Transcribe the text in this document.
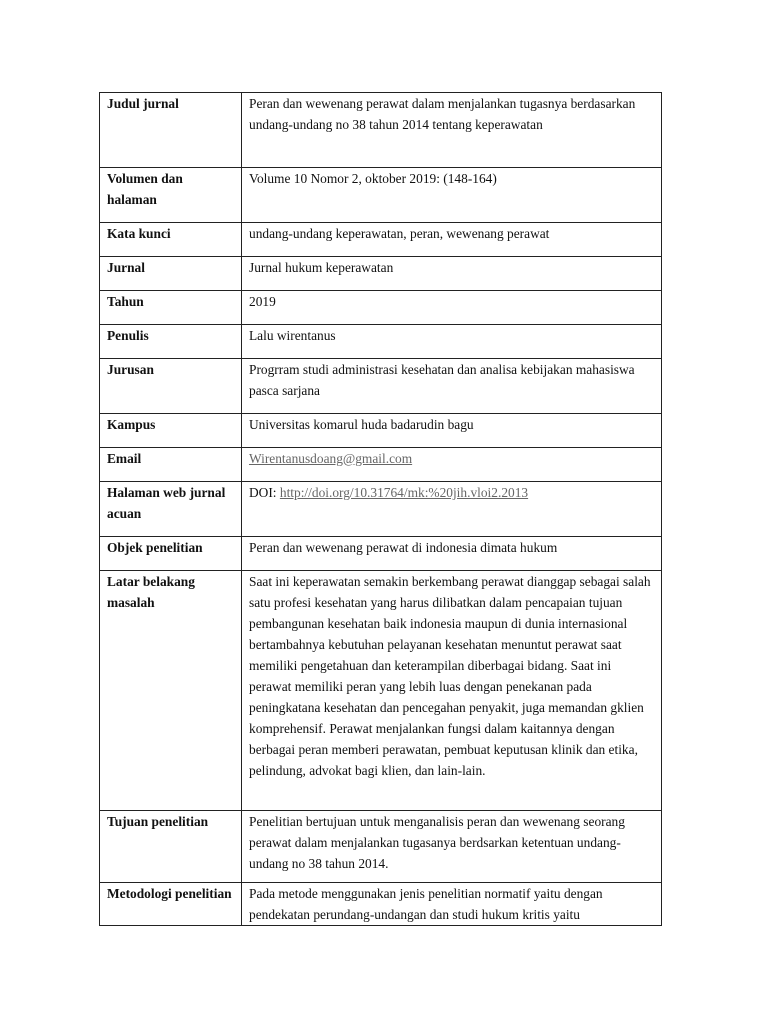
Judul jurnal	Peran dan wewenang perawat dalam menjalankan tugasnya berdasarkan undang-undang no 38 tahun 2014 tentang keperawatan
Volumen dan halaman	Volume 10 Nomor 2, oktober 2019: (148-164)
Kata kunci	undang-undang keperawatan, peran, wewenang perawat
Jurnal	Jurnal hukum keperawatan
Tahun	2019
Penulis	Lalu wirentanus
Jurusan	Progrram studi administrasi kesehatan dan analisa kebijakan mahasiswa pasca sarjana
Kampus	Universitas komarul huda badarudin bagu
Email	Wirentanusdoang@gmail.com
Halaman web jurnal acuan	DOI: http://doi.org/10.31764/mk:%20jih.vloi2.2013
Objek penelitian	Peran dan wewenang perawat di indonesia dimata hukum
Latar belakang masalah	Saat ini keperawatan semakin berkembang perawat dianggap sebagai salah satu profesi kesehatan yang harus dilibatkan dalam pencapaian tujuan pembangunan kesehatan baik indonesia maupun di dunia internasional bertambahnya kebutuhan pelayanan kesehatan menuntut perawat saat memiliki pengetahuan dan keterampilan diberbagai bidang. Saat ini perawat memiliki peran yang lebih luas dengan penekanan pada peningkatana kesehatan dan pencegahan penyakit, juga memandan gklien komprehensif. Perawat menjalankan fungsi dalam kaitannya dengan berbagai peran memberi perawatan, pembuat keputusan klinik dan etika, pelindung, advokat bagi klien, dan lain-lain.
Tujuan penelitian	Penelitian bertujuan untuk menganalisis peran dan wewenang seorang perawat dalam menjalankan tugasanya berdsarkan ketentuan undang-undang no 38 tahun 2014.

Metodologi penelitian	Pada metode menggunakan jenis penelitian normatif yaitu dengan pendekatan perundang-undangan dan studi hukum kritis yaitu
